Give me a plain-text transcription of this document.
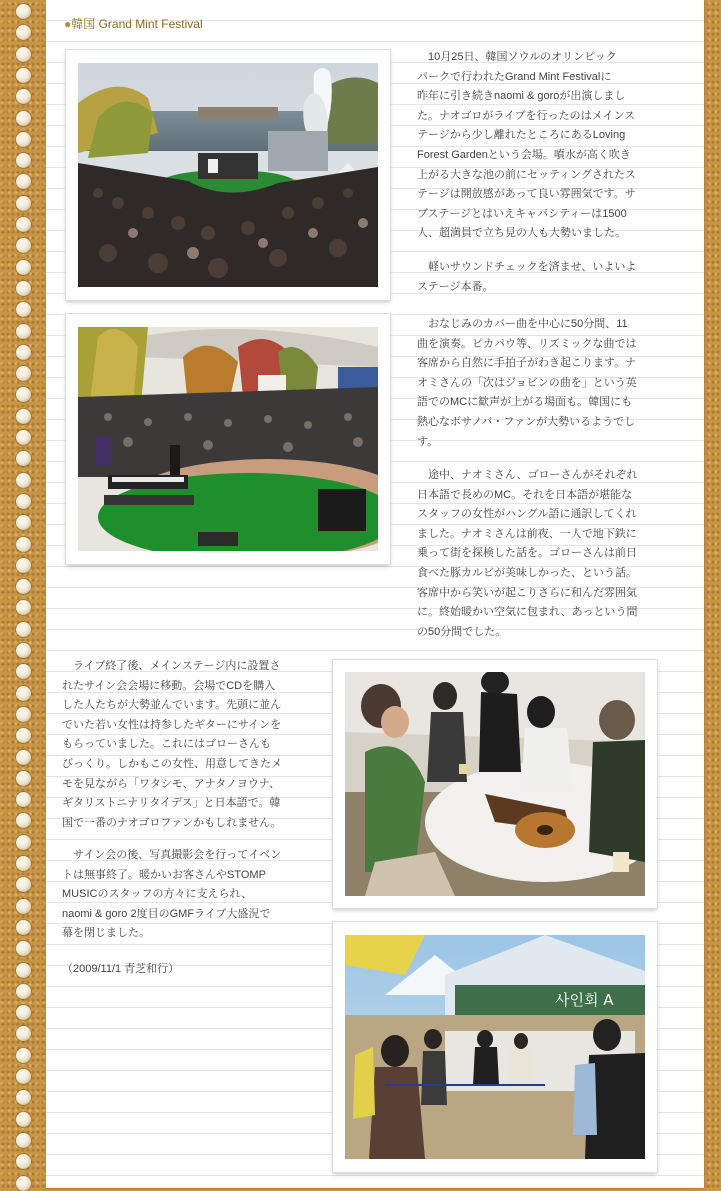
●韓国 Grand Mint Festival
사인회 A

　10月25日、韓国ソウルのオリンピック
パークで行われたGrand Mint Festivalに
昨年に引き続きnaomi & goroが出演しまし
た。ナオゴロがライブを行ったのはメインス
テージから少し離れたところにあるLoving
Forest Gardenという会場。噴水が高く吹き
上がる大きな池の前にセッティングされたス
テージは開放感があって良い雰囲気です。サ
ブステージとはいえキャパシティーは1500
人、超満員で立ち見の人も大勢いました。

　軽いサウンドチェックを済ませ、いよいよ
ステージ本番。

　おなじみのカバー曲を中心に50分間、11
曲を演奏。ピカパウ等、リズミックな曲では
客席から自然に手拍子がわき起こります。ナ
オミさんの「次はジョビンの曲を」という英
語でのMCに歓声が上がる場面も。韓国にも
熱心なボサノバ・ファンが大勢いるようでし
す。

　途中、ナオミさん、ゴローさんがそれぞれ
日本語で長めのMC。それを日本語が堪能な
スタッフの女性がハングル語に通訳してくれ
ました。ナオミさんは前夜、一人で地下鉄に
乗って街を探検した話を。ゴローさんは前日
食べた豚カルビが美味しかった、という話。
客席中から笑いが起こりさらに和んだ雰囲気
に。終始暖かい空気に包まれ、あっという間
の50分間でした。

　ライブ終了後、メインステージ内に設置さ
れたサイン会会場に移動。会場でCDを購入
した人たちが大勢並んでいます。先頭に並ん
でいた若い女性は持参したギターにサインを
もらっていました。これにはゴローさんも
びっくり。しかもこの女性、用意してきたメ
モを見ながら「ワタシモ、アナタノヨウナ、
ギタリストニナリタイデス」と日本語で。韓
国で一番のナオゴロファンかもしれません。

　サイン会の後、写真撮影会を行ってイベン
トは無事終了。暖かいお客さんやSTOMP
MUSICのスタッフの方々に支えられ、
naomi & goro 2度目のGMFライブ大盛況で
幕を閉じました。

（2009/11/1 青芝和行）
